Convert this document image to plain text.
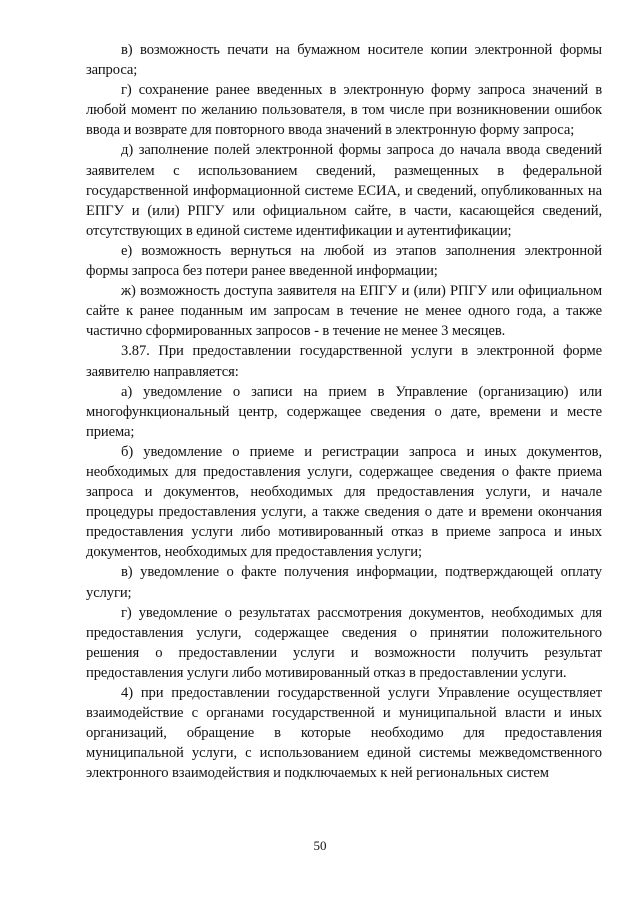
в) возможность печати на бумажном носителе копии электронной формы запроса;

г) сохранение ранее введенных в электронную форму запроса значений в любой момент по желанию пользователя, в том числе при возникновении ошибок ввода и возврате для повторного ввода значений в электронную форму запроса;

д) заполнение полей электронной формы запроса до начала ввода сведений заявителем с использованием сведений, размещенных в федеральной государственной информационной системе ЕСИА, и сведений, опубликованных на ЕПГУ и (или) РПГУ или официальном сайте, в части, касающейся сведений, отсутствующих в единой системе идентификации и аутентификации;

е) возможность вернуться на любой из этапов заполнения электронной формы запроса без потери ранее введенной информации;

ж) возможность доступа заявителя на ЕПГУ и (или) РПГУ или официальном сайте к ранее поданным им запросам в течение не менее одного года, а также частично сформированных запросов - в течение не менее 3 месяцев.

3.87. При предоставлении государственной услуги в электронной форме заявителю направляется:

а) уведомление о записи на прием в Управление (организацию) или многофункциональный центр, содержащее сведения о дате, времени и месте приема;

б) уведомление о приеме и регистрации запроса и иных документов, необходимых для предоставления услуги, содержащее сведения о факте приема запроса и документов, необходимых для предоставления услуги, и начале процедуры предоставления услуги, а также сведения о дате и времени окончания предоставления услуги либо мотивированный отказ в приеме запроса и иных документов, необходимых для предоставления услуги;

в) уведомление о факте получения информации, подтверждающей оплату услуги;

г) уведомление о результатах рассмотрения документов, необходимых для предоставления услуги, содержащее сведения о принятии положительного решения о предоставлении услуги и возможности получить результат предоставления услуги либо мотивированный отказ в предоставлении услуги.

4) при предоставлении государственной услуги Управление осуществляет взаимодействие с органами государственной и муниципальной власти и иных организаций, обращение в которые необходимо для предоставления муниципальной услуги, с использованием единой системы межведомственного электронного взаимодействия и подключаемых к ней региональных систем

50
